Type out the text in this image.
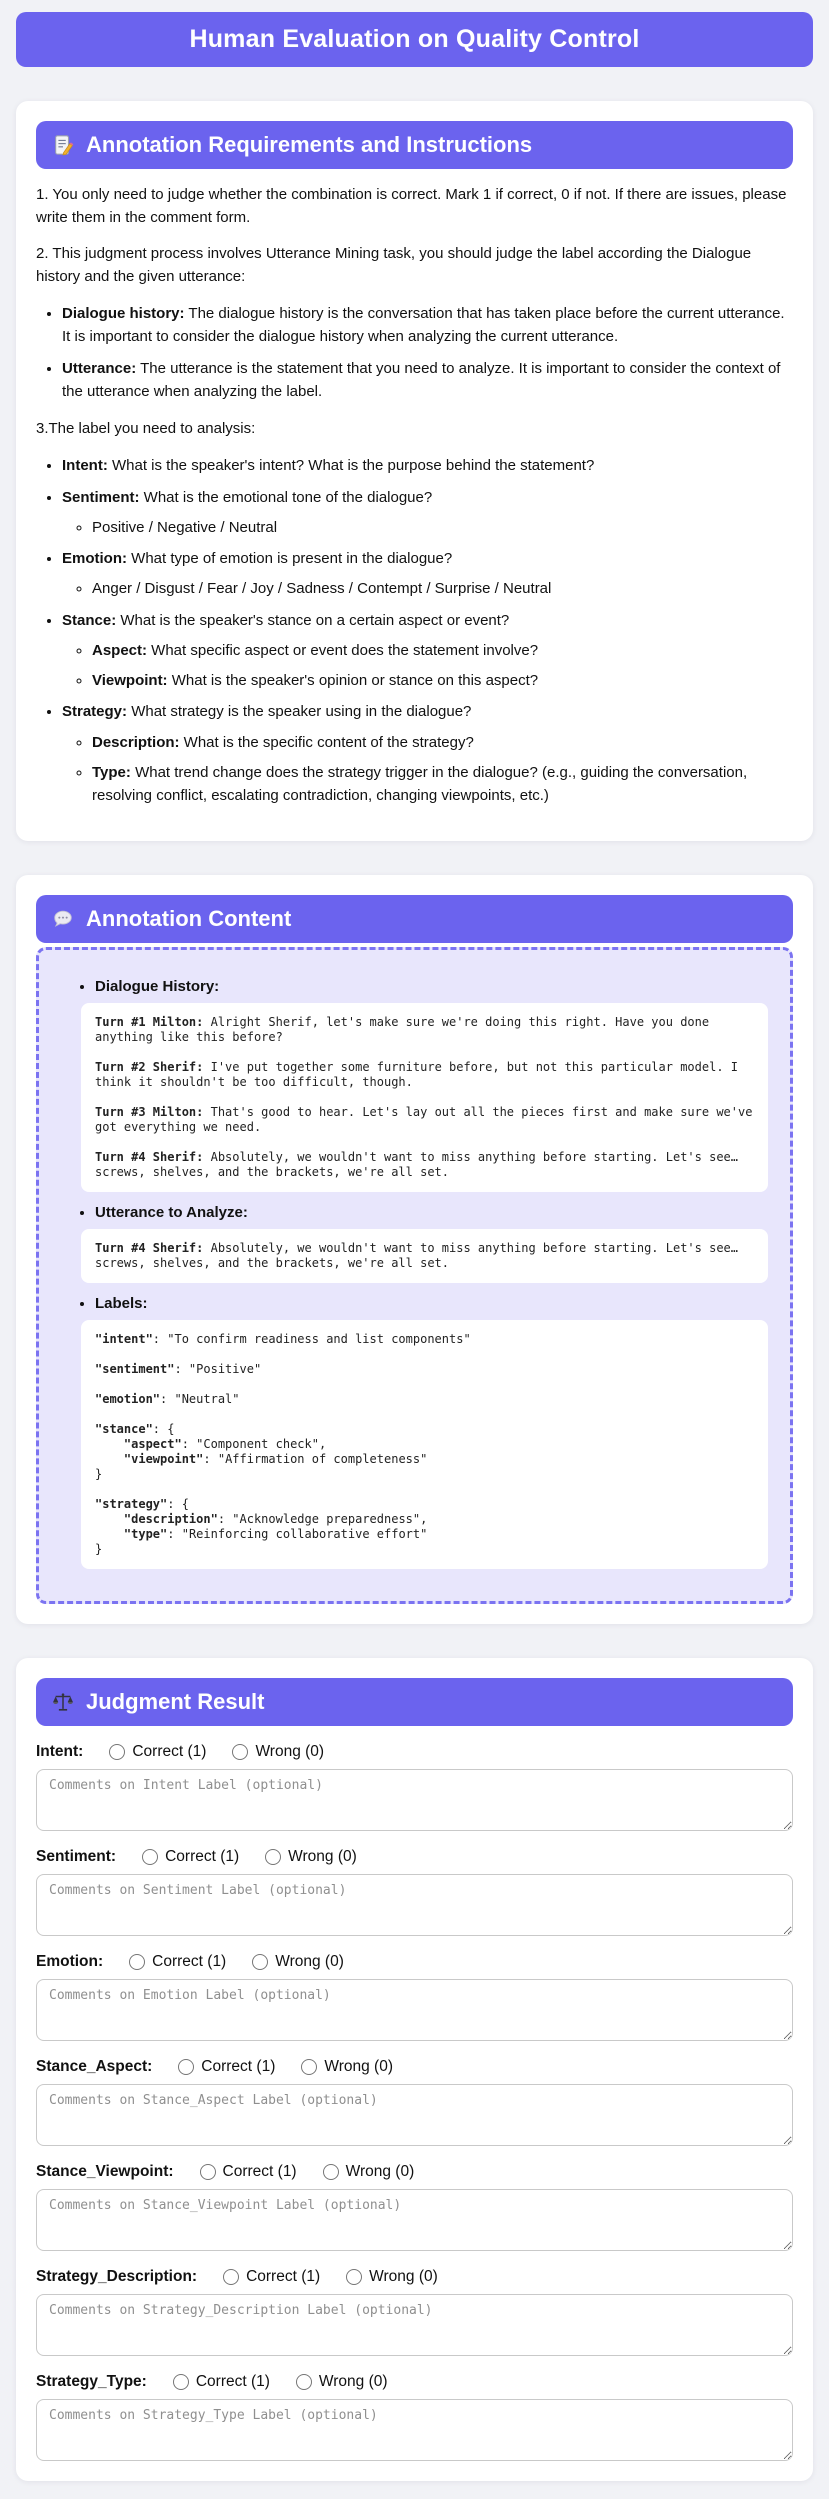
Human Evaluation on Quality Control
Annotation Requirements and Instructions

1. You only need to judge whether the combination is correct. Mark 1 if correct, 0 if not. If there are issues, please write them in the comment form.

2. This judgment process involves Utterance Mining task, you should judge the label according the Dialogue history and the given utterance:

• Dialogue history: The dialogue history is the conversation that has taken place before the current utterance. It is important to consider the dialogue history when analyzing the current utterance.
• Utterance: The utterance is the statement that you need to analyze. It is important to consider the context of the utterance when analyzing the label.

3.The label you need to analysis:

• Intent: What is the speaker's intent? What is the purpose behind the statement?
• Sentiment: What is the emotional tone of the dialogue?
◦ Positive / Negative / Neutral
• Emotion: What type of emotion is present in the dialogue?
◦ Anger / Disgust / Fear / Joy / Sadness / Contempt / Surprise / Neutral
• Stance: What is the speaker's stance on a certain aspect or event?
◦ Aspect: What specific aspect or event does the statement involve?
◦ Viewpoint: What is the speaker's opinion or stance on this aspect?
• Strategy: What strategy is the speaker using in the dialogue?
◦ Description: What is the specific content of the strategy?
◦ Type: What trend change does the strategy trigger in the dialogue? (e.g., guiding the conversation, resolving conflict, escalating contradiction, changing viewpoints, etc.)
Annotation Content
• Dialogue History:

Turn #1 Milton: Alright Sherif, let's make sure we're doing this right. Have you done anything like this before?

Turn #2 Sherif: I've put together some furniture before, but not this particular model. I think it shouldn't be too difficult, though.

Turn #3 Milton: That's good to hear. Let's lay out all the pieces first and make sure we've got everything we need.

Turn #4 Sherif: Absolutely, we wouldn't want to miss anything before starting. Let's see… screws, shelves, and the brackets, we're all set.

• Utterance to Analyze:

Turn #4 Sherif: Absolutely, we wouldn't want to miss anything before starting. Let's see… screws, shelves, and the brackets, we're all set.

• Labels:
"intent": "To confirm readiness and list components"
"sentiment": "Positive"
"emotion": "Neutral"
"stance": {
"aspect": "Component check",
"viewpoint": "Affirmation of completeness"
}
"strategy": {
"description": "Acknowledge preparedness",
"type": "Reinforcing collaborative effort"
}
Judgment Result
Intent:	Correct (1)	Wrong (0)
Comments on Intent Label (optional)
Sentiment:	Correct (1)	Wrong (0)
Comments on Sentiment Label (optional)
Emotion:	Correct (1)	Wrong (0)
Comments on Emotion Label (optional)
Stance_Aspect:	Correct (1)	Wrong (0)
Comments on Stance_Aspect Label (optional)
Stance_Viewpoint:	Correct (1)	Wrong (0)
Comments on Stance_Viewpoint Label (optional)
Strategy_Description:	Correct (1)	Wrong (0)
Comments on Strategy_Description Label (optional)
Strategy_Type:	Correct (1)	Wrong (0)
Comments on Strategy_Type Label (optional)
